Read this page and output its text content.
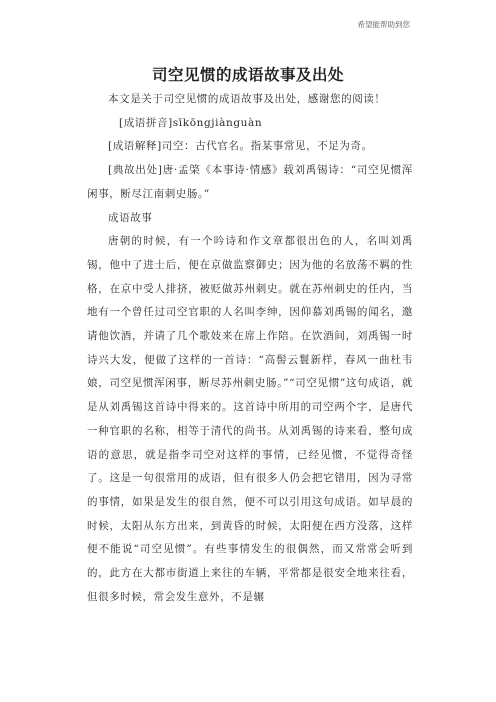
希望能帮助到您
司空见惯的成语故事及出处

本文是关于司空见惯的成语故事及出处，感谢您的阅读！

[成语拼音]sīkōngjiànguàn

[成语解释]司空：古代官名。指某事常见，不足为奇。

[典故出处]唐·孟棨《本事诗·情感》载刘禹锡诗：“司空见惯浑闲事，断尽江南刺史肠。”

成语故事

唐朝的时候，有一个吟诗和作文章都很出色的人，名叫刘禹锡，他中了进士后，便在京做监察御史；因为他的名放荡不羁的性格，在京中受人排挤，被贬做苏州刺史。就在苏州刺史的任内，当地有一个曾任过司空官职的人名叫李绅，因仰慕刘禹锡的闻名，邀请他饮酒，并请了几个歌妓来在席上作陪。在饮酒间，刘禹锡一时诗兴大发，便做了这样的一首诗：“高髻云鬟新样，春风一曲杜韦娘，司空见惯浑闲事，断尽苏州刺史肠。”“司空见惯”这句成语，就是从刘禹锡这首诗中得来的。这首诗中所用的司空两个字，是唐代一种官职的名称，相等于清代的尚书。从刘禹锡的诗来看，整句成语的意思，就是指李司空对这样的事情，已经见惯，不觉得奇怪了。这是一句很常用的成语，但有很多人仍会把它错用，因为寻常的事情，如果是发生的很自然，便不可以引用这句成语。如早晨的时候，太阳从东方出来，到黄昏的时候，太阳便在西方没落，这样便不能说“司空见惯”。有些事情发生的很偶然，而又常常会听到的，此方在大都市街道上来往的车辆，平常都是很安全地来往看，但很多时候，常会发生意外，不是辗
